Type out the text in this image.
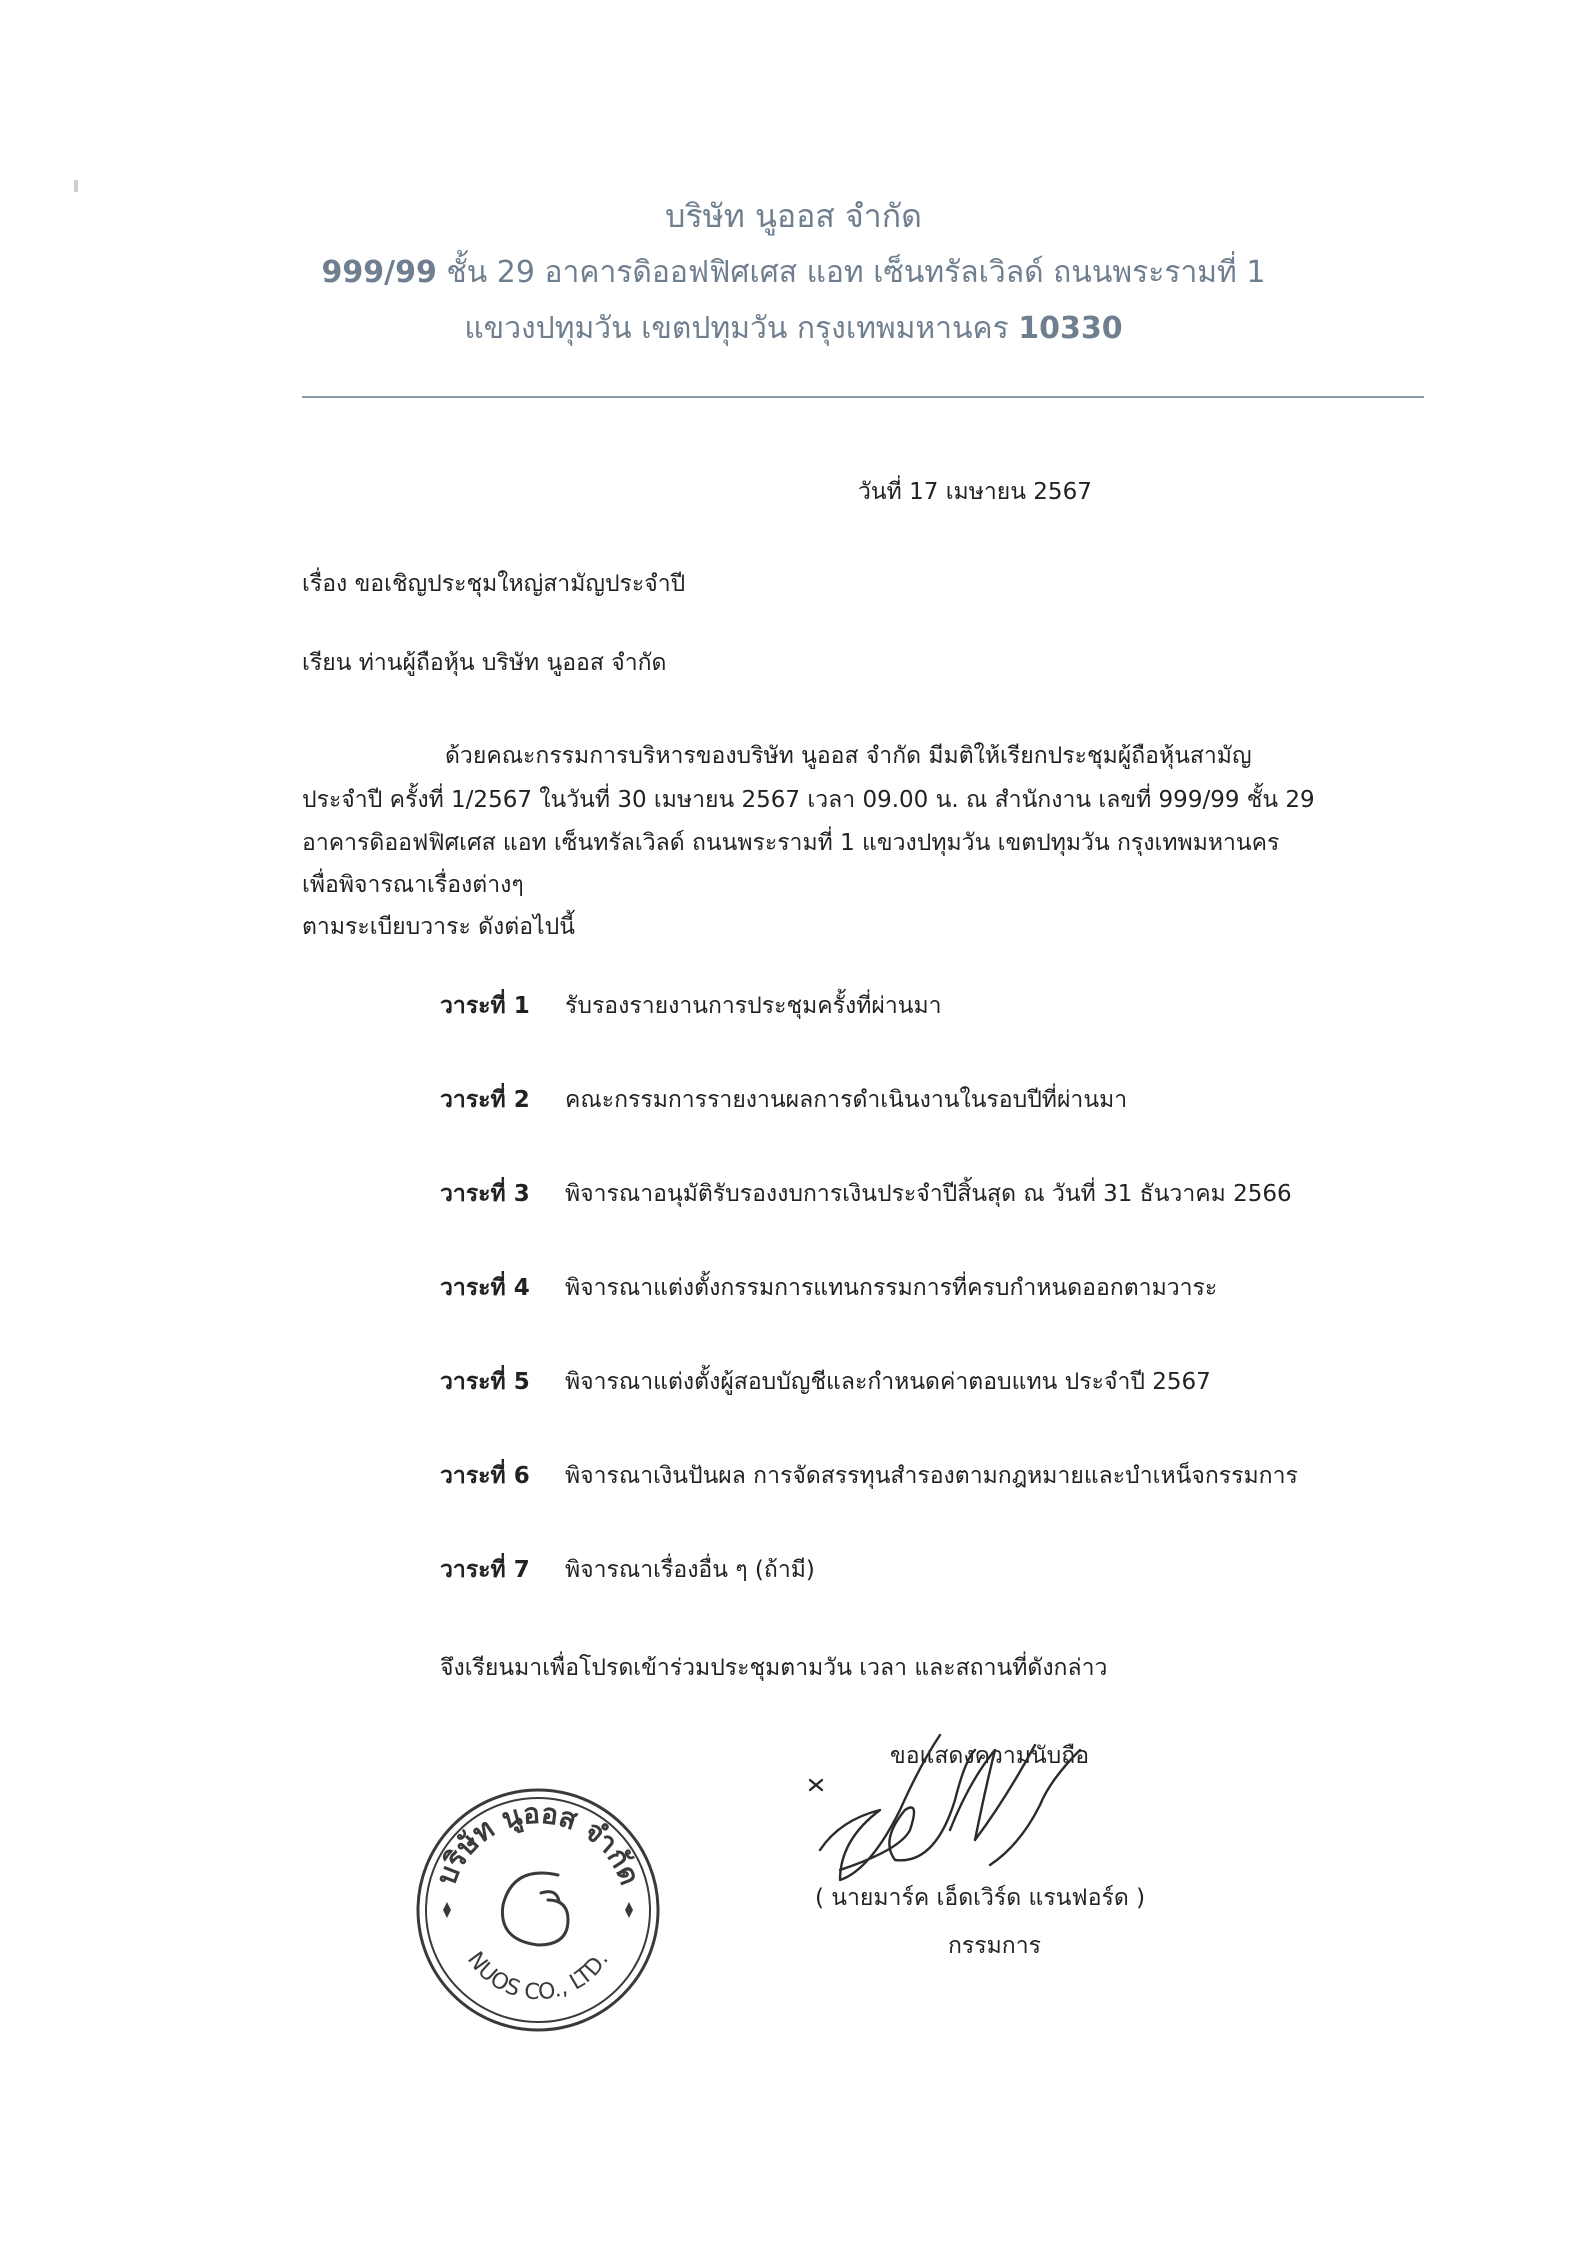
บริษัท นูออส จำกัด
999/99 ชั้น 29 อาคารดิออฟฟิศเศส แอท เซ็นทรัลเวิลด์ ถนนพระรามที่ 1
แขวงปทุมวัน เขตปทุมวัน กรุงเทพมหานคร 10330
วันที่ 17 เมษายน 2567
เรื่อง ขอเชิญประชุมใหญ่สามัญประจำปี
เรียน ท่านผู้ถือหุ้น บริษัท นูออส จำกัด
ด้วยคณะกรรมการบริหารของบริษัท นูออส จำกัด มีมติให้เรียกประชุมผู้ถือหุ้นสามัญ
ประจำปี ครั้งที่ 1/2567 ในวันที่ 30 เมษายน 2567 เวลา 09.00 น. ณ สำนักงาน เลขที่ 999/99 ชั้น 29
อาคารดิออฟฟิศเศส แอท เซ็นทรัลเวิลด์ ถนนพระรามที่ 1 แขวงปทุมวัน เขตปทุมวัน กรุงเทพมหานคร
เพื่อพิจารณาเรื่องต่างๆ
ตามระเบียบวาระ ดังต่อไปนี้
วาระที่ 1 รับรองรายงานการประชุมครั้งที่ผ่านมา
วาระที่ 2 คณะกรรมการรายงานผลการดำเนินงานในรอบปีที่ผ่านมา
วาระที่ 3 พิจารณาอนุมัติรับรองงบการเงินประจำปีสิ้นสุด ณ วันที่ 31 ธันวาคม 2566
วาระที่ 4 พิจารณาแต่งตั้งกรรมการแทนกรรมการที่ครบกำหนดออกตามวาระ
วาระที่ 5 พิจารณาแต่งตั้งผู้สอบบัญชีและกำหนดค่าตอบแทน ประจำปี 2567
วาระที่ 6 พิจารณาเงินปันผล การจัดสรรทุนสำรองตามกฎหมายและบำเหน็จกรรมการ
วาระที่ 7 พิจารณาเรื่องอื่น ๆ (ถ้ามี)
จึงเรียนมาเพื่อโปรดเข้าร่วมประชุมตามวัน เวลา และสถานที่ดังกล่าว
ขอแสดงความนับถือ
( นายมาร์ค เอ็ดเวิร์ด แรนฟอร์ด )
กรรมการ
บริษัท นูออส จำกัด
NUOS CO., LTD.
